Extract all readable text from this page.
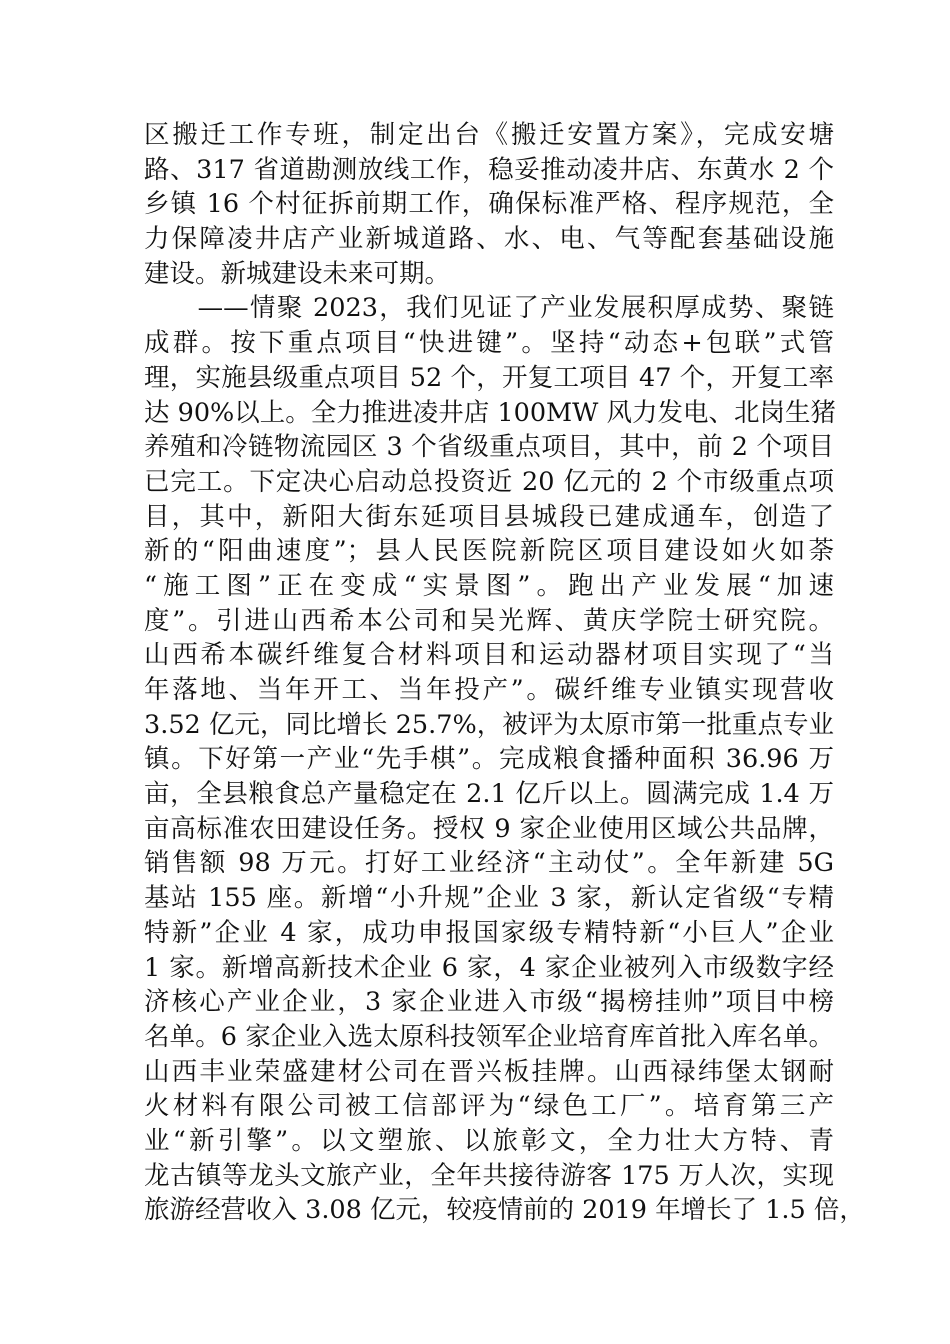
区搬迁工作专班，制定出台《搬迁安置方案》，完成安塘
路、317 省道勘测放线工作，稳妥推动凌井店、东黄水 2 个
乡镇 16 个村征拆前期工作，确保标准严格、程序规范，全
力保障凌井店产业新城道路、水、电、气等配套基础设施
建设。新城建设未来可期。
　　——情聚 2023，我们见证了产业发展积厚成势、聚链
成群。按下重点项目“快进键”。坚持“动态+包联”式管
理，实施县级重点项目 52 个，开复工项目 47 个，开复工率
达 90%以上。全力推进凌井店 100MW 风力发电、北岗生猪
养殖和冷链物流园区 3 个省级重点项目，其中，前 2 个项目
已完工。下定决心启动总投资近 20 亿元的 2 个市级重点项
目，其中，新阳大街东延项目县城段已建成通车，创造了
新的“阳曲速度”；县人民医院新院区项目建设如火如荼
“施工图”正在变成“实景图”。跑出产业发展“加速
度”。引进山西希本公司和吴光辉、黄庆学院士研究院。
山西希本碳纤维复合材料项目和运动器材项目实现了“当
年落地、当年开工、当年投产”。碳纤维专业镇实现营收
3.52 亿元，同比增长 25.7%，被评为太原市第一批重点专业
镇。下好第一产业“先手棋”。完成粮食播种面积 36.96 万
亩，全县粮食总产量稳定在 2.1 亿斤以上。圆满完成 1.4 万
亩高标准农田建设任务。授权 9 家企业使用区域公共品牌，
销售额 98 万元。打好工业经济“主动仗”。全年新建 5G
基站 155 座。新增“小升规”企业 3 家，新认定省级“专精
特新”企业 4 家，成功申报国家级专精特新“小巨人”企业
1 家。新增高新技术企业 6 家，4 家企业被列入市级数字经
济核心产业企业，3 家企业进入市级“揭榜挂帅”项目中榜
名单。6 家企业入选太原科技领军企业培育库首批入库名单。
山西丰业荣盛建材公司在晋兴板挂牌。山西禄纬堡太钢耐
火材料有限公司被工信部评为“绿色工厂”。培育第三产
业“新引擎”。以文塑旅、以旅彰文，全力壮大方特、青
龙古镇等龙头文旅产业，全年共接待游客 175 万人次，实现
旅游经营收入 3.08 亿元，较疫情前的 2019 年增长了 1.5 倍，
